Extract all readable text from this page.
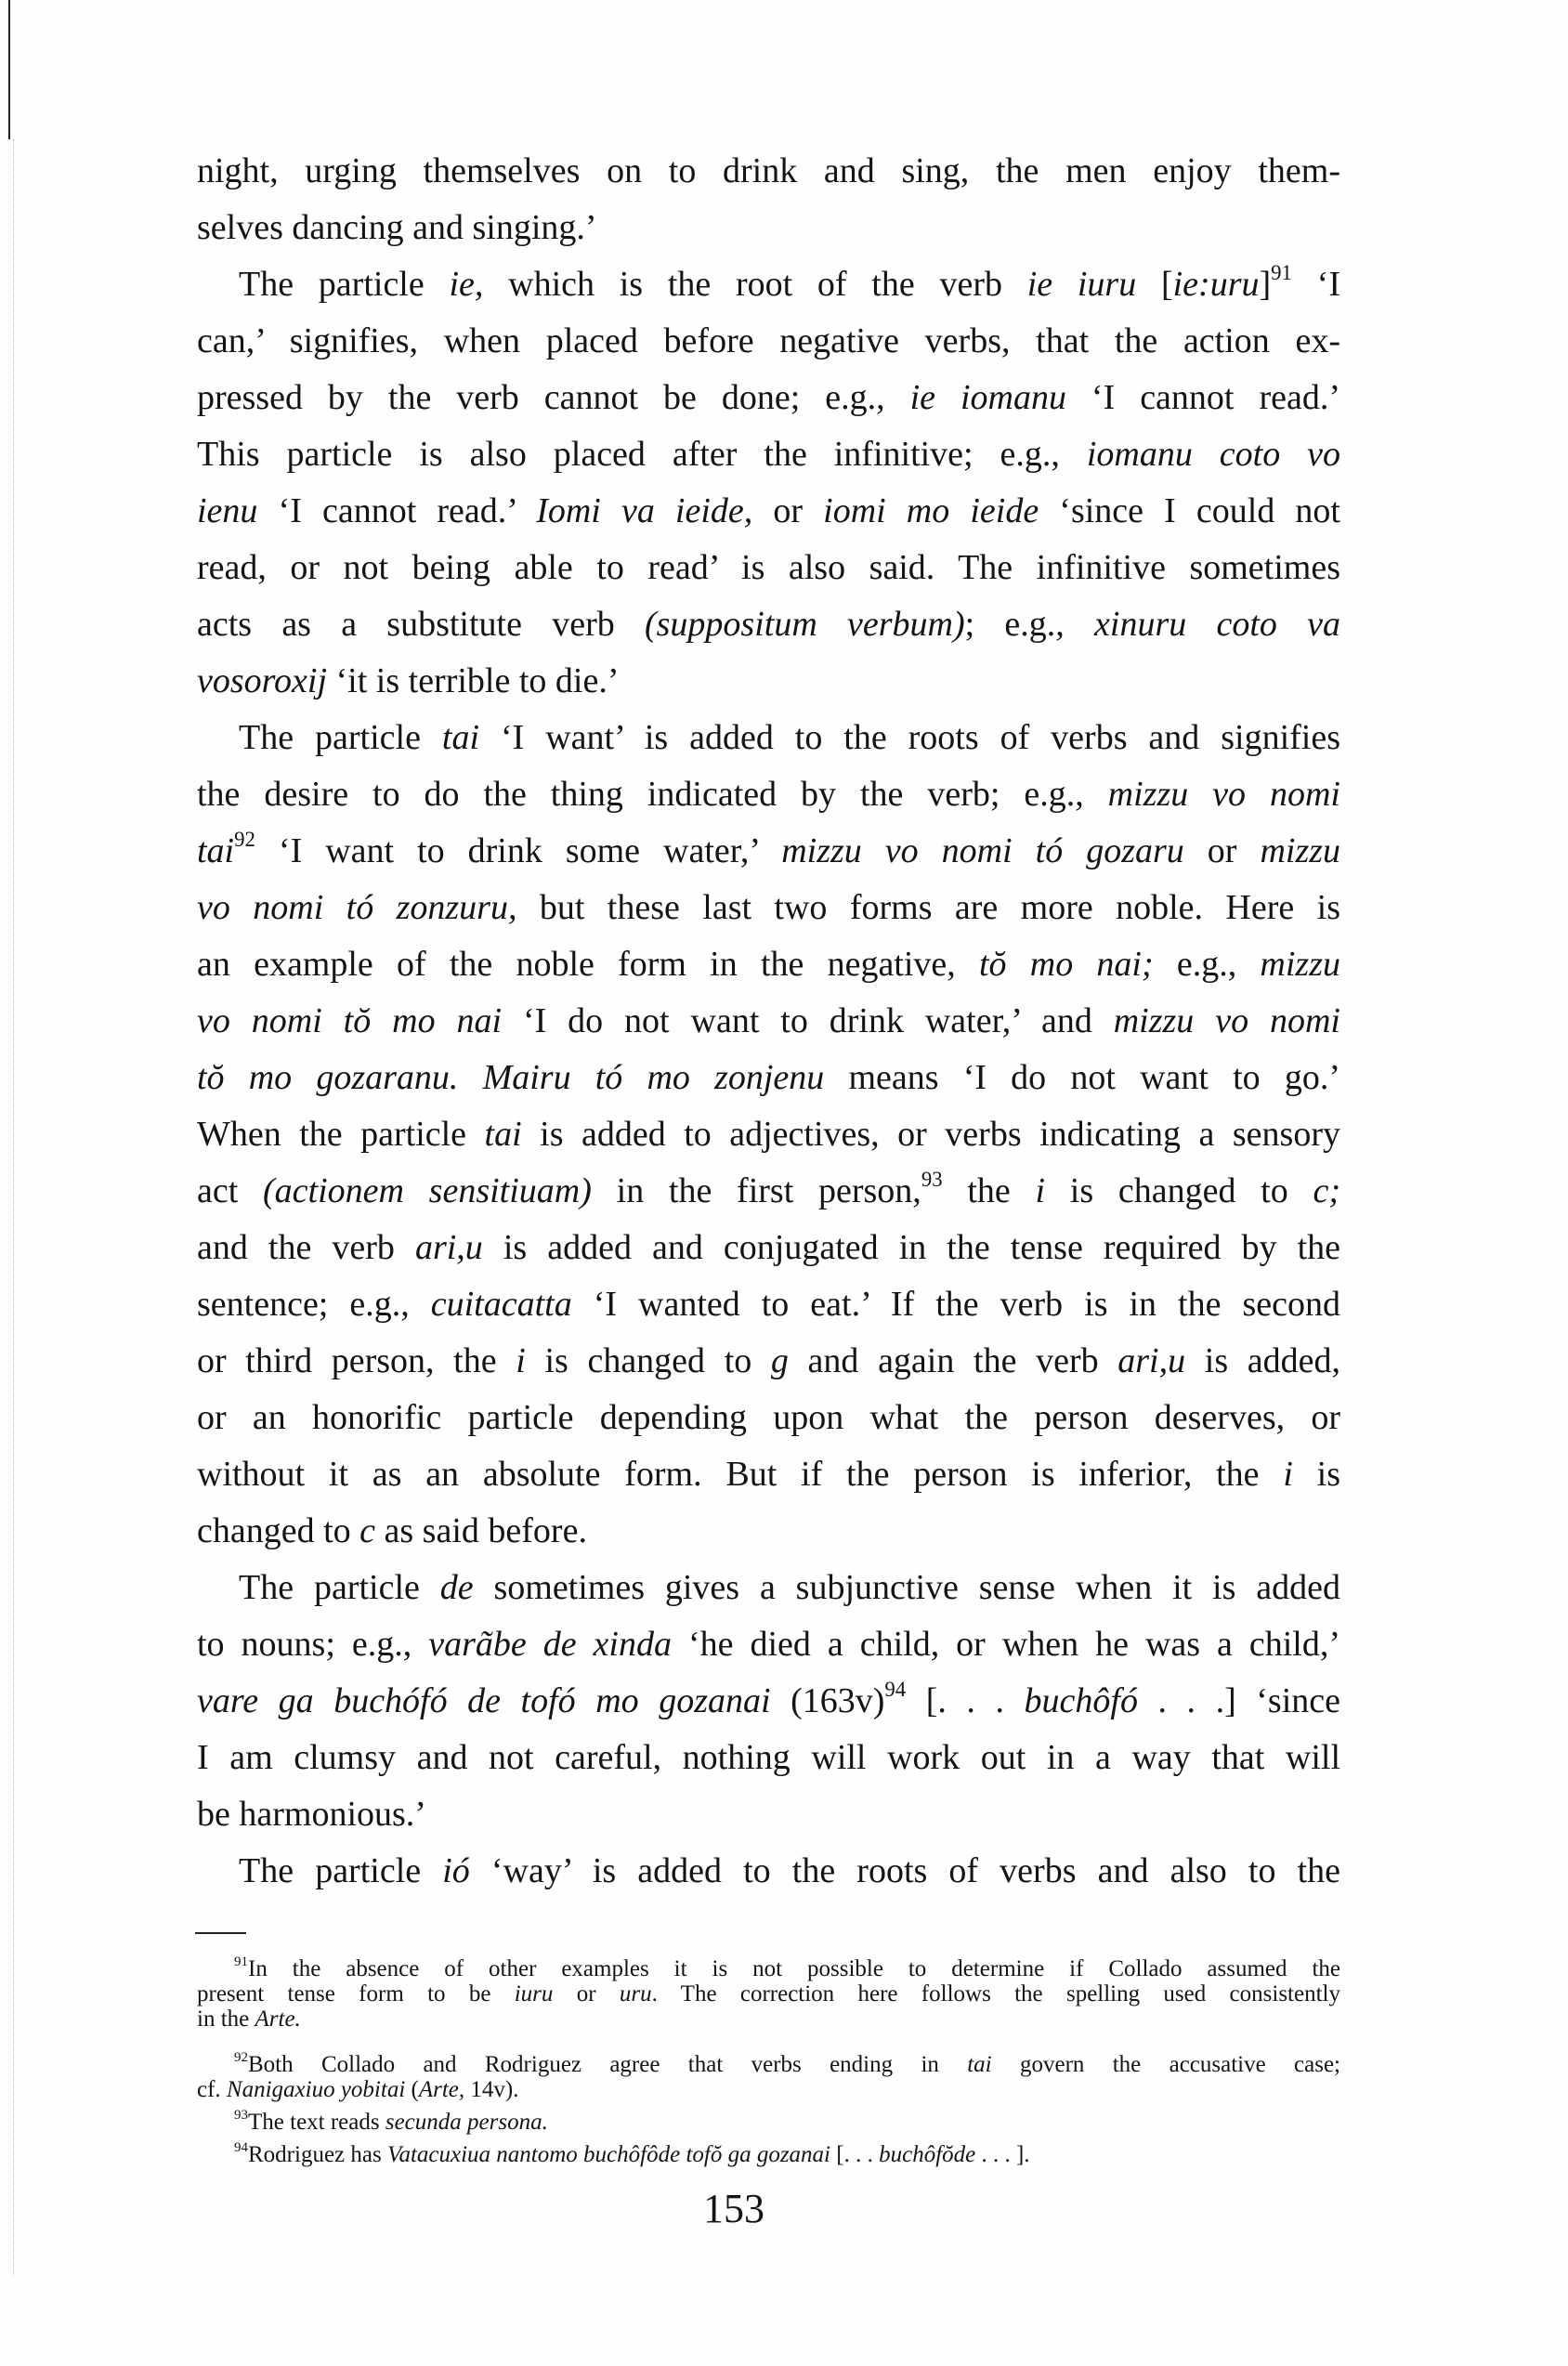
night, urging themselves on to drink and sing, the men enjoy them-
selves dancing and singing.’
The particle ie, which is the root of the verb ie iuru [ie:uru]$^{91}$ ‘I
can,’ signifies, when placed before negative verbs, that the action ex-
pressed by the verb cannot be done; e.g., ie iomanu ‘I cannot read.’
This particle is also placed after the infinitive; e.g., iomanu coto vo
ienu ‘I cannot read.’ Iomi va ieide, or iomi mo ieide ‘since I could not
read, or not being able to read’ is also said. The infinitive sometimes
acts as a substitute verb (suppositum verbum); e.g., xinuru coto va
vosoroxij ‘it is terrible to die.’
The particle tai ‘I want’ is added to the roots of verbs and signifies
the desire to do the thing indicated by the verb; e.g., mizzu vo nomi
tai$^{92}$ ‘I want to drink some water,’ mizzu vo nomi tó gozaru or mizzu
vo nomi tó zonzuru, but these last two forms are more noble. Here is
an example of the noble form in the negative, tŏ mo nai; e.g., mizzu
vo nomi tŏ mo nai ‘I do not want to drink water,’ and mizzu vo nomi
tŏ mo gozaranu. Mairu tó mo zonjenu means ‘I do not want to go.’
When the particle tai is added to adjectives, or verbs indicating a sensory
act (actionem sensitiuam) in the first person,$^{93}$ the i is changed to c;
and the verb ari,u is added and conjugated in the tense required by the
sentence; e.g., cuitacatta ‘I wanted to eat.’ If the verb is in the second
or third person, the i is changed to g and again the verb ari,u is added,
or an honorific particle depending upon what the person deserves, or
without it as an absolute form. But if the person is inferior, the i is
changed to c as said before.
The particle de sometimes gives a subjunctive sense when it is added
to nouns; e.g., varãbe de xinda ‘he died a child, or when he was a child,’
vare ga buchófó de tofó mo gozanai $(163v)^{94}$ [. . . buchôfó . . .] ‘since
I am clumsy and not careful, nothing will work out in a way that will
be harmonious.’
The particle ió ‘way’ is added to the roots of verbs and also to the
$^{91}$In the absence of other examples it is not possible to determine if Collado assumed the
present tense form to be iuru or uru. The correction here follows the spelling used consistently
in the Arte.
$^{92}$Both Collado and Rodriguez agree that verbs ending in tai govern the accusative case;
cf. Nanigaxiuo yobitai (Arte, 14v).
$^{93}$The text reads secunda persona.
$^{94}$Rodriguez has Vatacuxiua nantomo buchôfôde tofŏ ga gozanai [. . . buchôfŏde . . . ].
153
